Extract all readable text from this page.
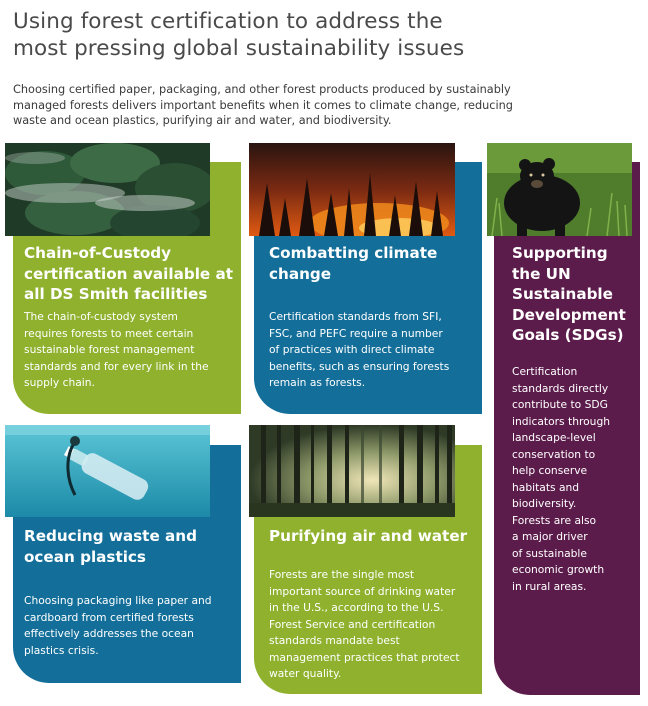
Using forest certification to address the
most pressing global sustainability issues

Choosing certified paper, packaging, and other forest products produced by sustainably
managed forests delivers important benefits when it comes to climate change, reducing
waste and ocean plastics, purifying air and water, and biodiversity.

Chain-of-Custody
certification available at
all DS Smith facilities
The chain-of-custody system
requires forests to meet certain
sustainable forest management
standards and for every link in the
supply chain.
Combatting climate
change
Certification standards from SFI,
FSC, and PEFC require a number
of practices with direct climate
benefits, such as ensuring forests
remain as forests.
Supporting
the UN
Sustainable
Development
Goals (SDGs)
Certification
standards directly
contribute to SDG
indicators through
landscape-level
conservation to
help conserve
habitats and
biodiversity.
Forests are also
a major driver
of sustainable
economic growth
in rural areas.
Reducing waste and
ocean plastics
Choosing packaging like paper and
cardboard from certified forests
effectively addresses the ocean
plastics crisis.
Purifying air and water
Forests are the single most
important source of drinking water
in the U.S., according to the U.S.
Forest Service and certification
standards mandate best
management practices that protect
water quality.
